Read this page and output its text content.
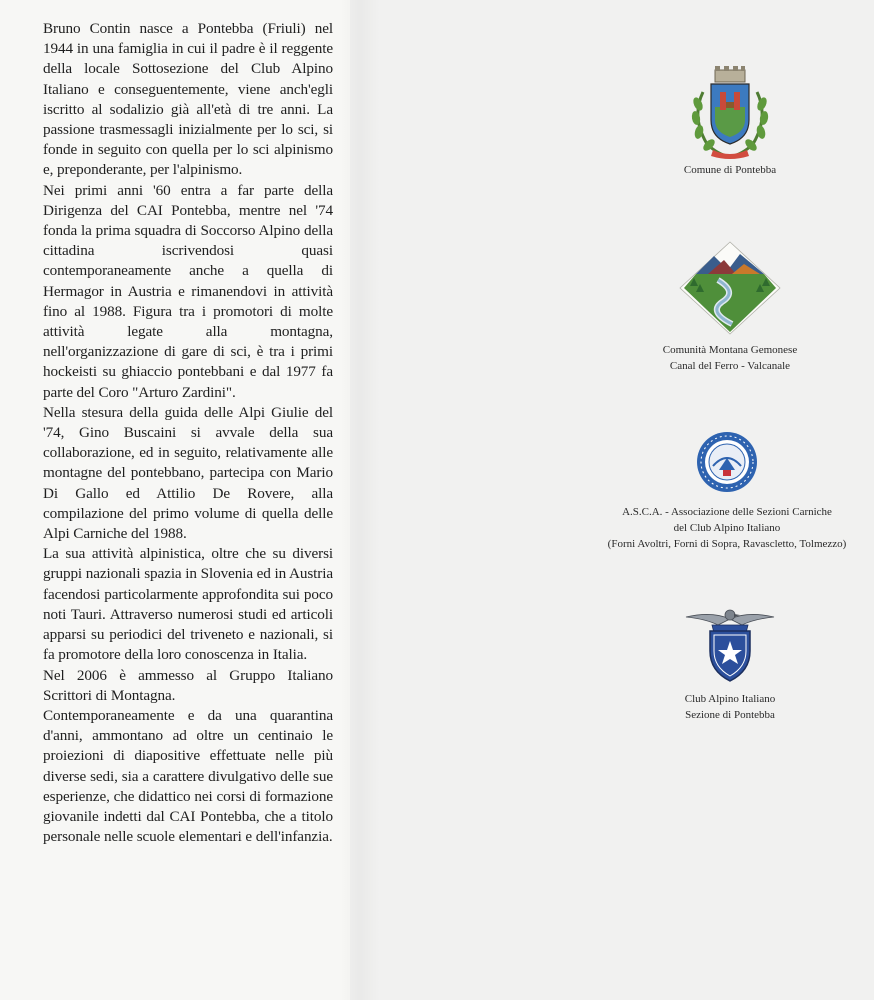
Bruno Contin nasce a Pontebba (Friuli) nel 1944 in una famiglia in cui il padre è il reggente della locale Sottosezione del Club Alpino Italiano e conseguentemente, viene anch'egli iscritto al sodalizio già all'età di tre anni. La passione trasmessagli inizialmente per lo sci, si fonde in seguito con quella per lo sci alpinismo e, preponderante, per l'alpinismo.

Nei primi anni '60 entra a far parte della Dirigenza del CAI Pontebba, mentre nel '74 fonda la prima squadra di Soccorso Alpino della cittadina iscrivendosi quasi contemporaneamente anche a quella di Hermagor in Austria e rimanendovi in attività fino al 1988. Figura tra i promotori di molte attività legate alla montagna, nell'organizzazione di gare di sci, è tra i primi hockeisti su ghiaccio pontebbani e dal 1977 fa parte del Coro "Arturo Zardini".

Nella stesura della guida delle Alpi Giulie del '74, Gino Buscaini si avvale della sua collaborazione, ed in seguito, relativamente alle montagne del pontebbano, partecipa con Mario Di Gallo ed Attilio De Rovere, alla compilazione del primo volume di quella delle Alpi Carniche del 1988.

La sua attività alpinistica, oltre che su diversi gruppi nazionali spazia in Slovenia ed in Austria facendosi particolarmente approfondita sui poco noti Tauri. Attraverso numerosi studi ed articoli apparsi su periodici del triveneto e nazionali, si fa promotore della loro conoscenza in Italia.

Nel 2006 è ammesso al Gruppo Italiano Scrittori di Montagna.

Contemporaneamente e da una quarantina d'anni, ammontano ad oltre un centinaio le proiezioni di diapositive effettuate nelle più diverse sedi, sia a carattere divulgativo delle sue esperienze, che didattico nei corsi di formazione giovanile indetti dal CAI Pontebba, che a titolo personale nelle scuole elementari e dell'infanzia.

Comune di Pontebba
Comunità Montana Gemonese
Canal del Ferro - Valcanale
A.S.C.A. - Associazione delle Sezioni Carniche
del Club Alpino Italiano
(Forni Avoltri, Forni di Sopra, Ravascletto, Tolmezzo)
Club Alpino Italiano
Sezione di Pontebba
